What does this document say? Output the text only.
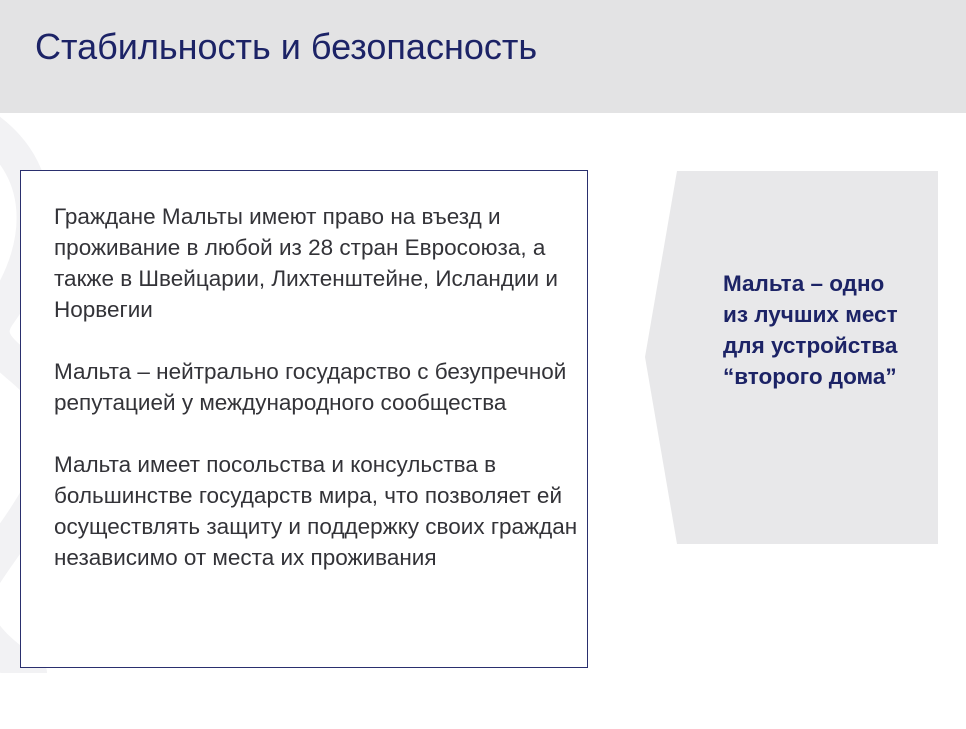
Стабильность и безопасность
Граждане Мальты имеют право на въезд и проживание в любой из 28 стран Евросоюза, а также в Швейцарии, Лихтенштейне, Исландии и Норвегии
Мальта – нейтрально государство с безупречной репутацией у международного сообщества
Мальта имеет посольства и консульства в большинстве государств мира, что позволяет ей осуществлять защиту и поддержку своих граждан независимо от места их проживания

Мальта – одно из лучших мест для устройства “второго дома”
